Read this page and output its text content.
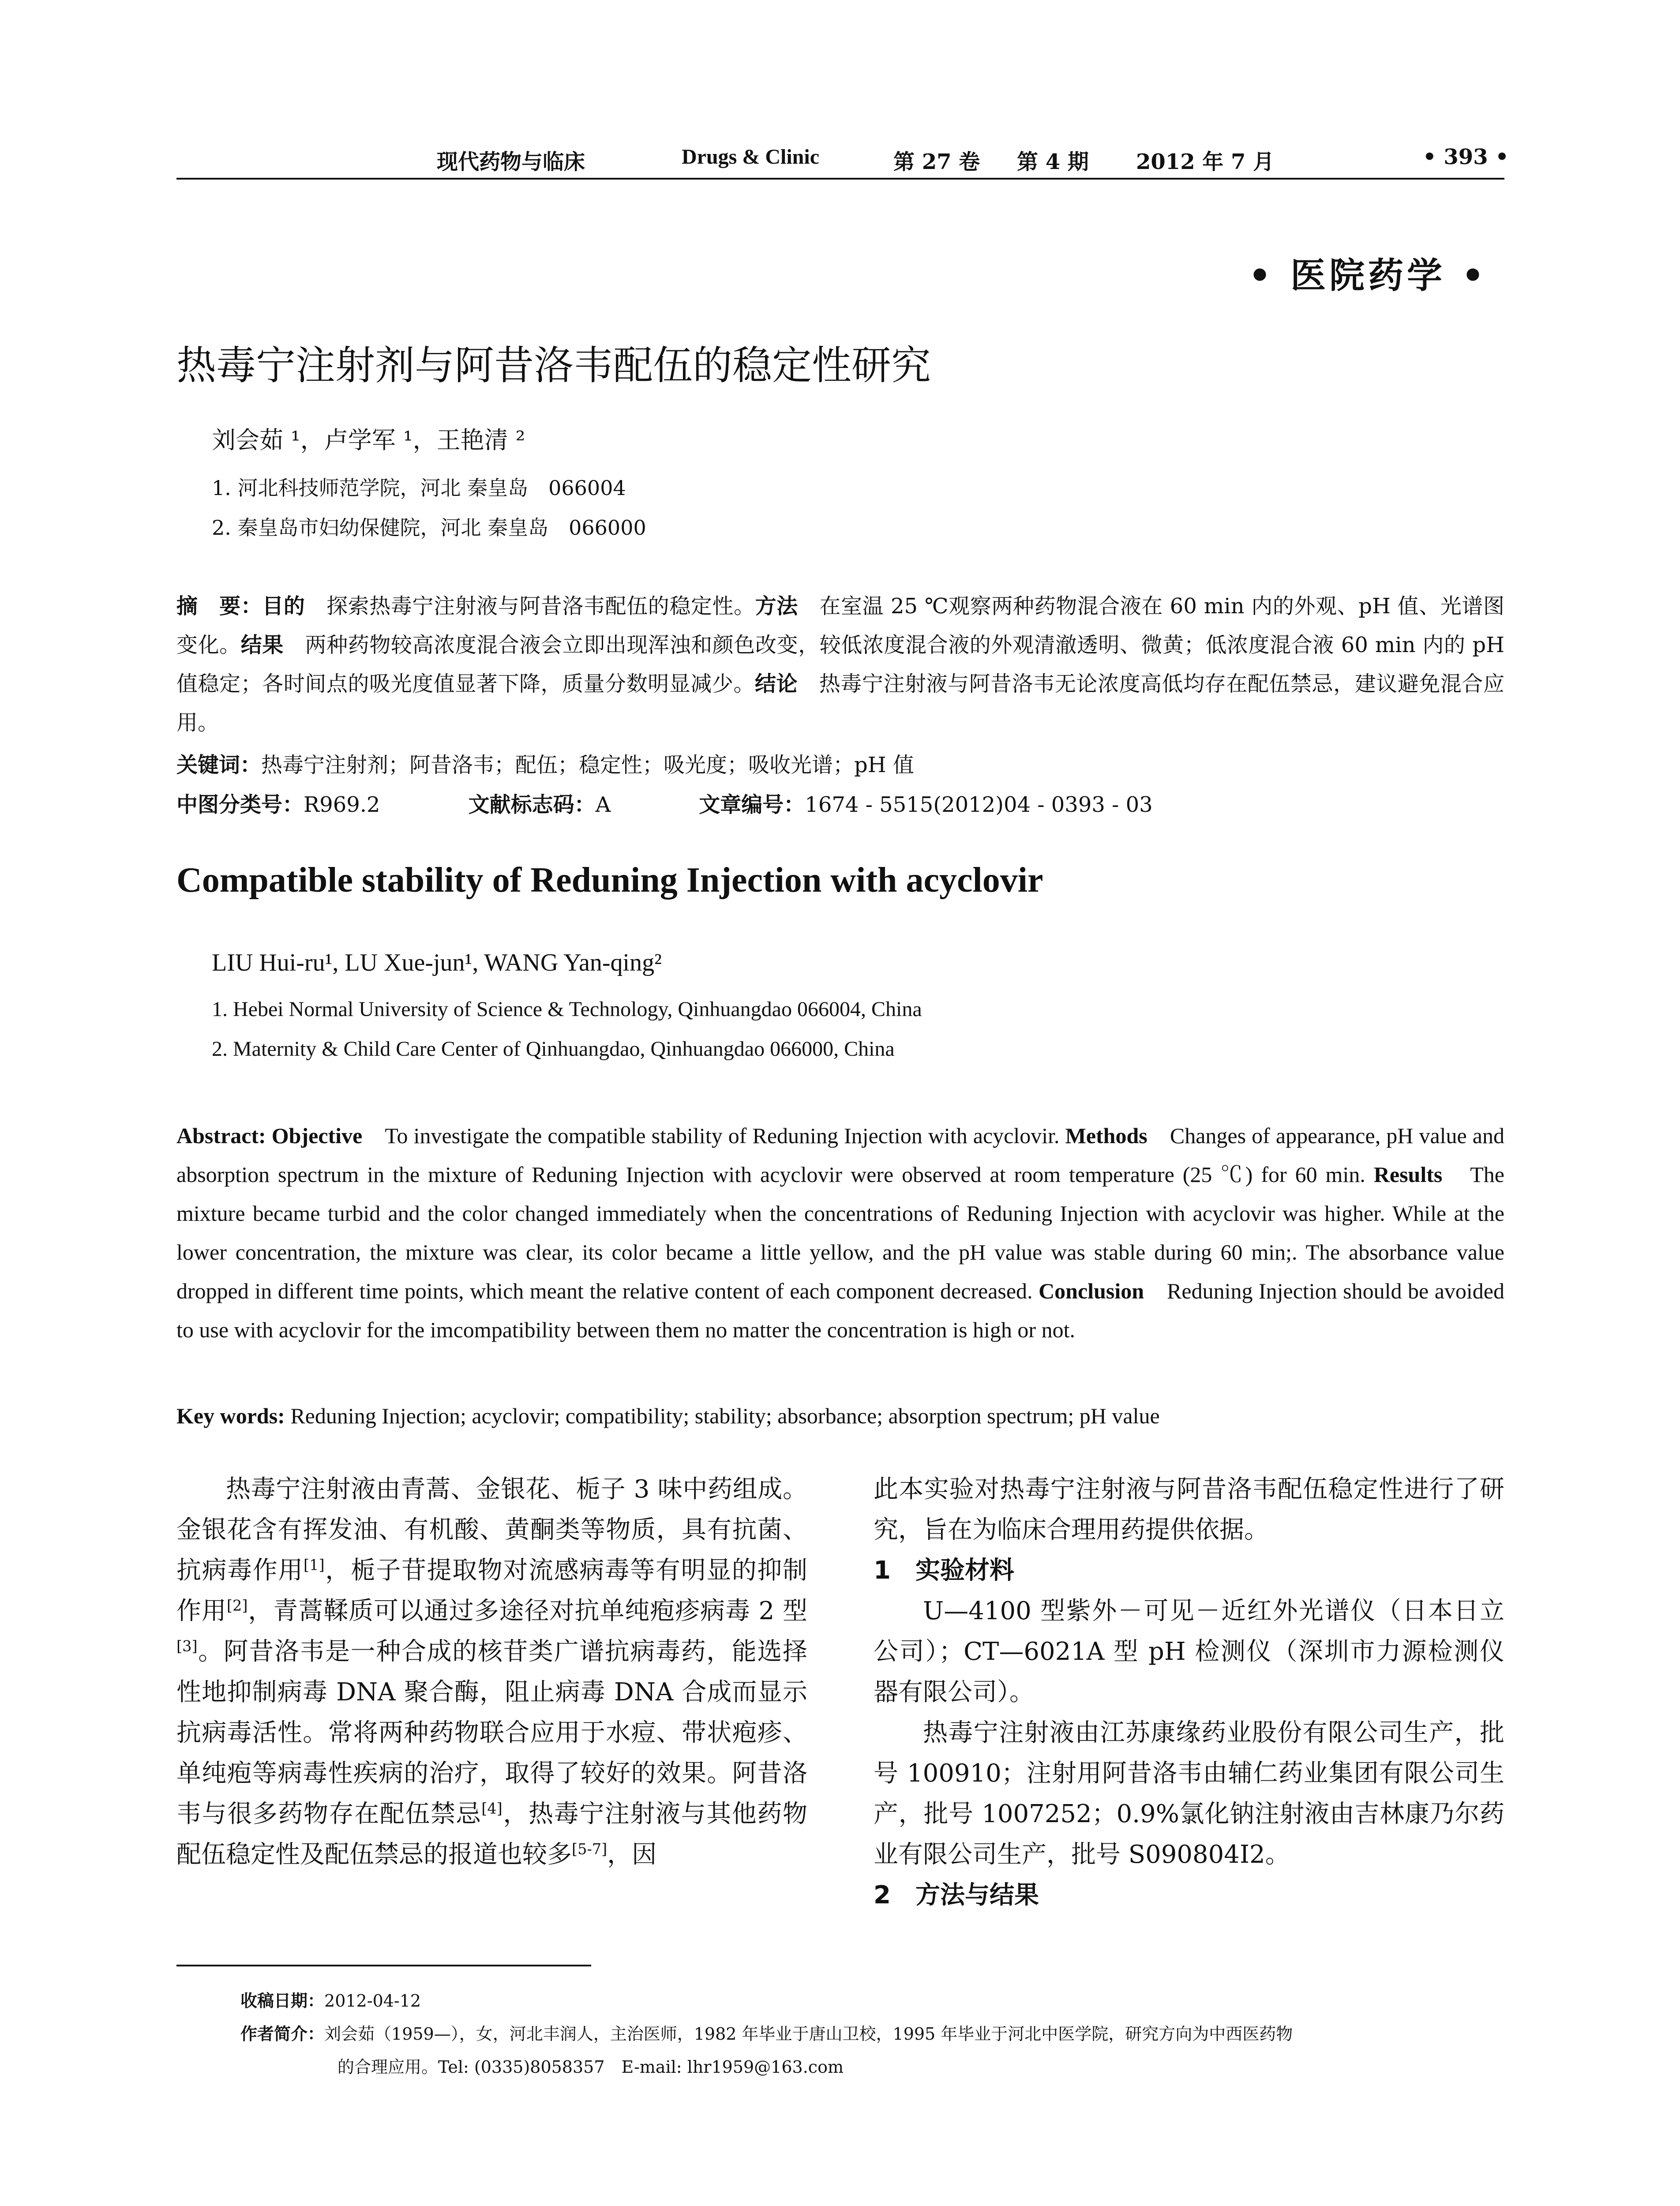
现代药物与临床	Drugs & Clinic	第 27 卷 第 4 期 2012 年 7 月	• 393 •
• 医院药学 •
热毒宁注射剂与阿昔洛韦配伍的稳定性研究
刘会茹 ¹，卢学军 ¹，王艳清 ²
1. 河北科技师范学院，河北 秦皇岛　066004
2. 秦皇岛市妇幼保健院，河北 秦皇岛　066000
摘　要：目的　探索热毒宁注射液与阿昔洛韦配伍的稳定性。方法　在室温 25 ℃观察两种药物混合液在 60 min 内的外观、pH 值、光谱图变化。结果　两种药物较高浓度混合液会立即出现浑浊和颜色改变，较低浓度混合液的外观清澈透明、微黄；低浓度混合液 60 min 内的 pH 值稳定；各时间点的吸光度值显著下降，质量分数明显减少。结论　热毒宁注射液与阿昔洛韦无论浓度高低均存在配伍禁忌，建议避免混合应用。
关键词：热毒宁注射剂；阿昔洛韦；配伍；稳定性；吸光度；吸收光谱；pH 值
中图分类号：R969.2	文献标志码：A	文章编号：1674 - 5515(2012)04 - 0393 - 03
Compatible stability of Reduning Injection with acyclovir
LIU Hui-ru¹, LU Xue-jun¹, WANG Yan-qing²
1. Hebei Normal University of Science & Technology, Qinhuangdao 066004, China
2. Maternity & Child Care Center of Qinhuangdao, Qinhuangdao 066000, China
Abstract: Objective　To investigate the compatible stability of Reduning Injection with acyclovir. Methods　Changes of appearance, pH value and absorption spectrum in the mixture of Reduning Injection with acyclovir were observed at room temperature (25 ℃) for 60 min. Results　The mixture became turbid and the color changed immediately when the concentrations of Reduning Injection with acyclovir was higher. While at the lower concentration, the mixture was clear, its color became a little yellow, and the pH value was stable during 60 min;. The absorbance value dropped in different time points, which meant the relative content of each component decreased. Conclusion　Reduning Injection should be avoided to use with acyclovir for the imcompatibility between them no matter the concentration is high or not.
Key words: Reduning Injection; acyclovir; compatibility; stability; absorbance; absorption spectrum; pH value

热毒宁注射液由青蒿、金银花、栀子 3 味中药组成。金银花含有挥发油、有机酸、黄酮类等物质，具有抗菌、抗病毒作用[1]，栀子苷提取物对流感病毒等有明显的抑制作用[2]，青蒿鞣质可以通过多途径对抗单纯疱疹病毒 2 型[3]。阿昔洛韦是一种合成的核苷类广谱抗病毒药，能选择性地抑制病毒 DNA 聚合酶，阻止病毒 DNA 合成而显示抗病毒活性。常将两种药物联合应用于水痘、带状疱疹、单纯疱等病毒性疾病的治疗，取得了较好的效果。阿昔洛韦与很多药物存在配伍禁忌[4]，热毒宁注射液与其他药物配伍稳定性及配伍禁忌的报道也较多[5-7]，因

此本实验对热毒宁注射液与阿昔洛韦配伍稳定性进行了研究，旨在为临床合理用药提供依据。

1　实验材料

U—4100 型紫外－可见－近红外光谱仪（日本日立公司）；CT—6021A 型 pH 检测仪（深圳市力源检测仪器有限公司）。

热毒宁注射液由江苏康缘药业股份有限公司生产，批号 100910；注射用阿昔洛韦由辅仁药业集团有限公司生产，批号 1007252；0.9%氯化钠注射液由吉林康乃尔药业有限公司生产，批号 S090804I2。

2　方法与结果
收稿日期：2012-04-12
作者简介：刘会茹（1959—），女，河北丰润人，主治医师，1982 年毕业于唐山卫校，1995 年毕业于河北中医学院，研究方向为中西医药物
的合理应用。Tel: (0335)8058357　E-mail: lhr1959@163.com
